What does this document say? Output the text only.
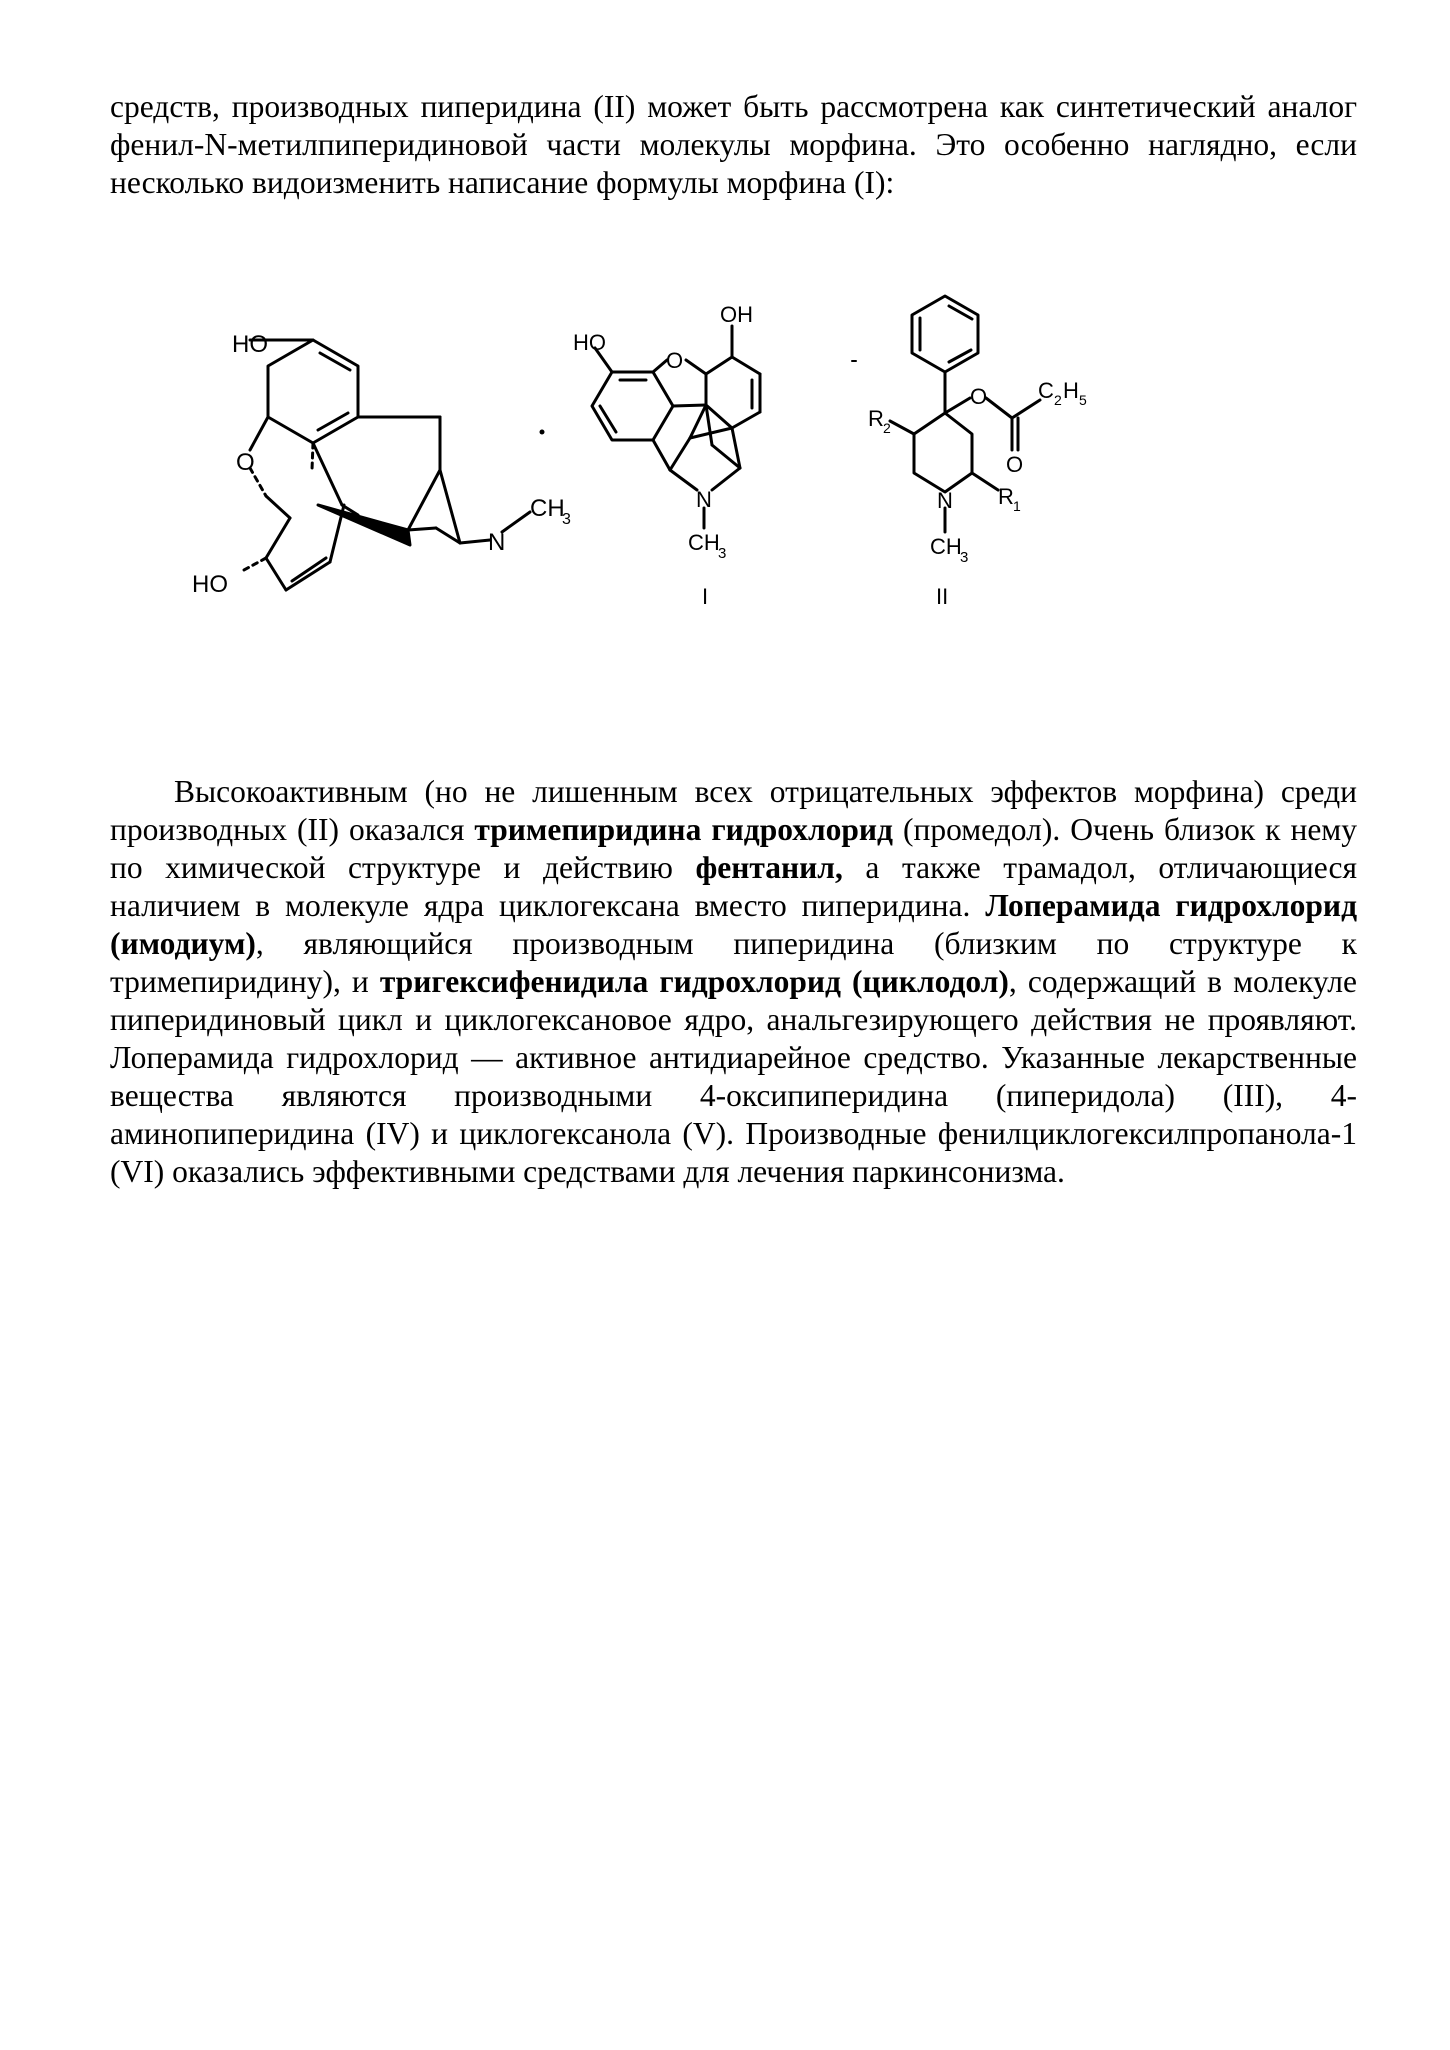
средств, производных пиперидина (II) может быть рассмотрена как синтетический аналог фенил-N-метилпиперидиновой части молекулы морфина. Это особенно наглядно, если несколько видоизменить написание формулы морфина (I):

HO
O
HO
N
CH
3
HO
O
OH
N
CH
3
I
R 2
O C 2 H 5
O
R 1
N
CH
3
II

Высокоактивным (но не лишенным всех отрицательных эффектов морфина) среди производных (II) оказался тримепиридина гидрохлорид (промедол). Очень близок к нему по химической структуре и действию фентанил, а также трамадол, отличающиеся наличием в молекуле ядра циклогексана вместо пиперидина. Лоперамида гидрохлорид (имодиум), являющийся производным пиперидина (близким по структуре к тримепиридину), и тригексифенидила гидрохлорид (циклодол), содержащий в молекуле пиперидиновый цикл и циклогексановое ядро, анальгезирующего действия не проявляют. Лоперамида гидрохлорид — активное антидиарейное средство. Указанные лекарственные вещества являются производными 4-оксипиперидина (пиперидола) (III), 4-аминопиперидина (IV) и циклогексанола (V). Производные фенилциклогексилпропанола-1 (VI) оказались эффективными средствами для лечения паркинсонизма.
